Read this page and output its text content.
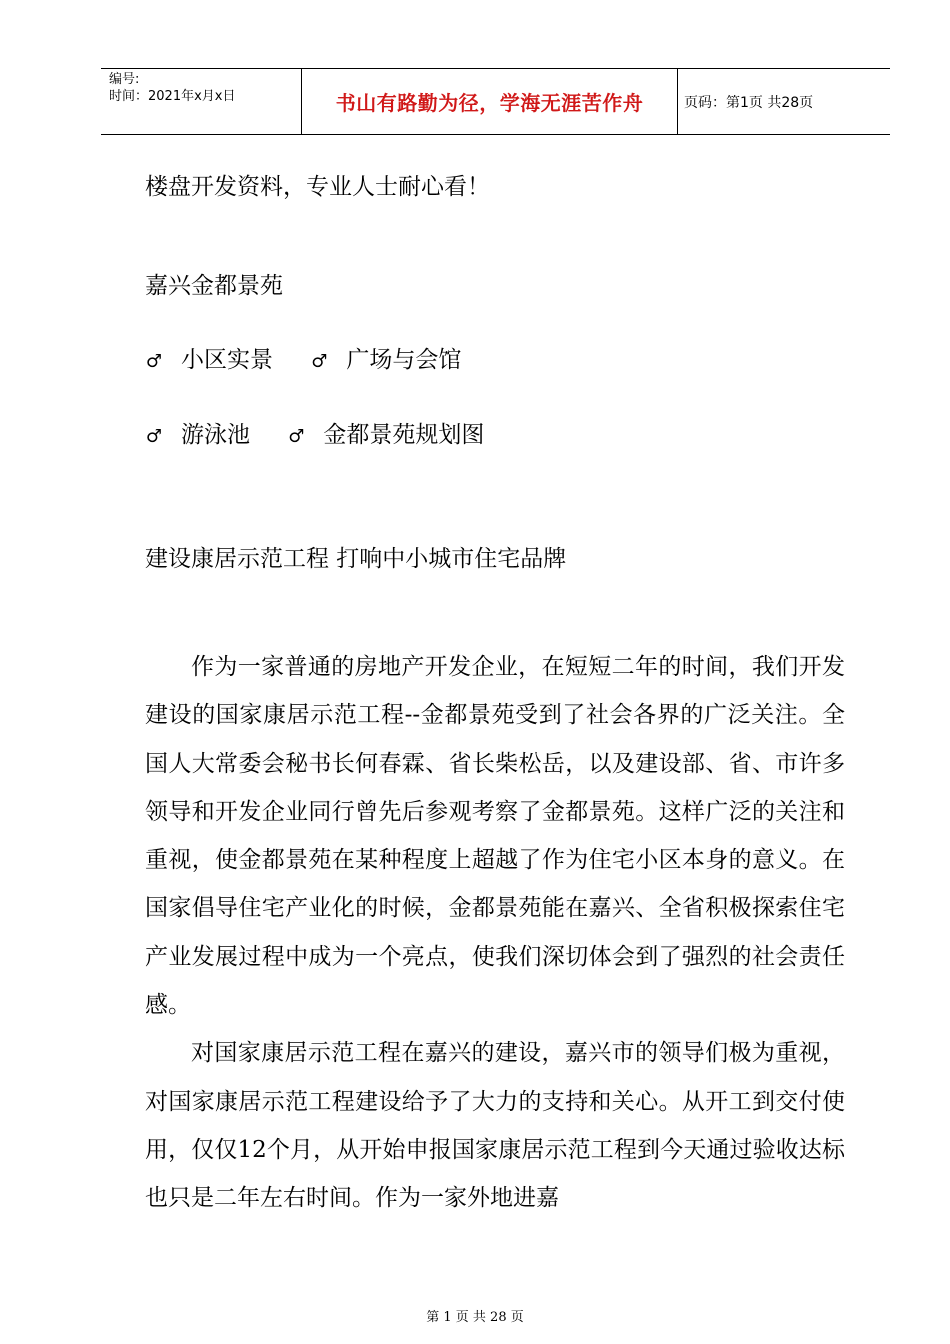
编号:
时间：2021年x月x日	书山有路勤为径，学海无涯苦作舟	页码：第1页 共28页
楼盘开发资料，专业人士耐心看！
嘉兴金都景苑
♂ 小区实景 ♂ 广场与会馆
♂ 游泳池 ♂ 金都景苑规划图
建设康居示范工程 打响中小城市住宅品牌

作为一家普通的房地产开发企业，在短短二年的时间，我们开发建设的国家康居示范工程--金都景苑受到了社会各界的广泛关注。全国人大常委会秘书长何春霖、省长柴松岳，以及建设部、省、市许多领导和开发企业同行曾先后参观考察了金都景苑。这样广泛的关注和重视，使金都景苑在某种程度上超越了作为住宅小区本身的意义。在国家倡导住宅产业化的时候，金都景苑能在嘉兴、全省积极探索住宅产业发展过程中成为一个亮点，使我们深切体会到了强烈的社会责任感。

对国家康居示范工程在嘉兴的建设，嘉兴市的领导们极为重视，对国家康居示范工程建设给予了大力的支持和关心。从开工到交付使用，仅仅12个月，从开始申报国家康居示范工程到今天通过验收达标也只是二年左右时间。作为一家外地进嘉

第 1 页 共 28 页
